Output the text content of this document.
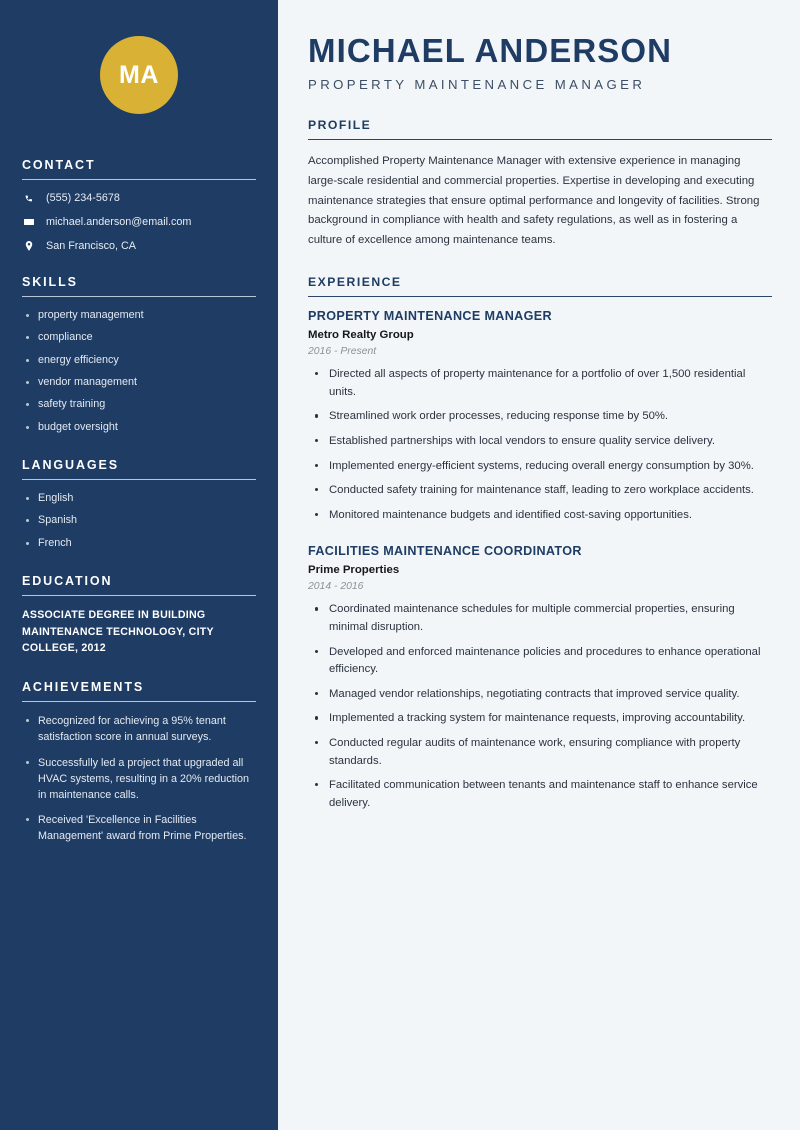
MA
CONTACT
(555) 234-5678
michael.anderson@email.com
San Francisco, CA
SKILLS
property management
compliance
energy efficiency
vendor management
safety training
budget oversight
LANGUAGES
English
Spanish
French
EDUCATION
ASSOCIATE DEGREE IN BUILDING MAINTENANCE TECHNOLOGY, CITY COLLEGE, 2012
ACHIEVEMENTS
Recognized for achieving a 95% tenant satisfaction score in annual surveys.
Successfully led a project that upgraded all HVAC systems, resulting in a 20% reduction in maintenance calls.
Received 'Excellence in Facilities Management' award from Prime Properties.
MICHAEL ANDERSON
PROPERTY MAINTENANCE MANAGER
PROFILE

Accomplished Property Maintenance Manager with extensive experience in managing large-scale residential and commercial properties. Expertise in developing and executing maintenance strategies that ensure optimal performance and longevity of facilities. Strong background in compliance with health and safety regulations, as well as in fostering a culture of excellence among maintenance teams.

EXPERIENCE
PROPERTY MAINTENANCE MANAGER
Metro Realty Group
2016 - Present
Directed all aspects of property maintenance for a portfolio of over 1,500 residential units.
Streamlined work order processes, reducing response time by 50%.
Established partnerships with local vendors to ensure quality service delivery.
Implemented energy-efficient systems, reducing overall energy consumption by 30%.
Conducted safety training for maintenance staff, leading to zero workplace accidents.
Monitored maintenance budgets and identified cost-saving opportunities.
FACILITIES MAINTENANCE COORDINATOR
Prime Properties
2014 - 2016
Coordinated maintenance schedules for multiple commercial properties, ensuring minimal disruption.
Developed and enforced maintenance policies and procedures to enhance operational efficiency.
Managed vendor relationships, negotiating contracts that improved service quality.
Implemented a tracking system for maintenance requests, improving accountability.
Conducted regular audits of maintenance work, ensuring compliance with property standards.
Facilitated communication between tenants and maintenance staff to enhance service delivery.
